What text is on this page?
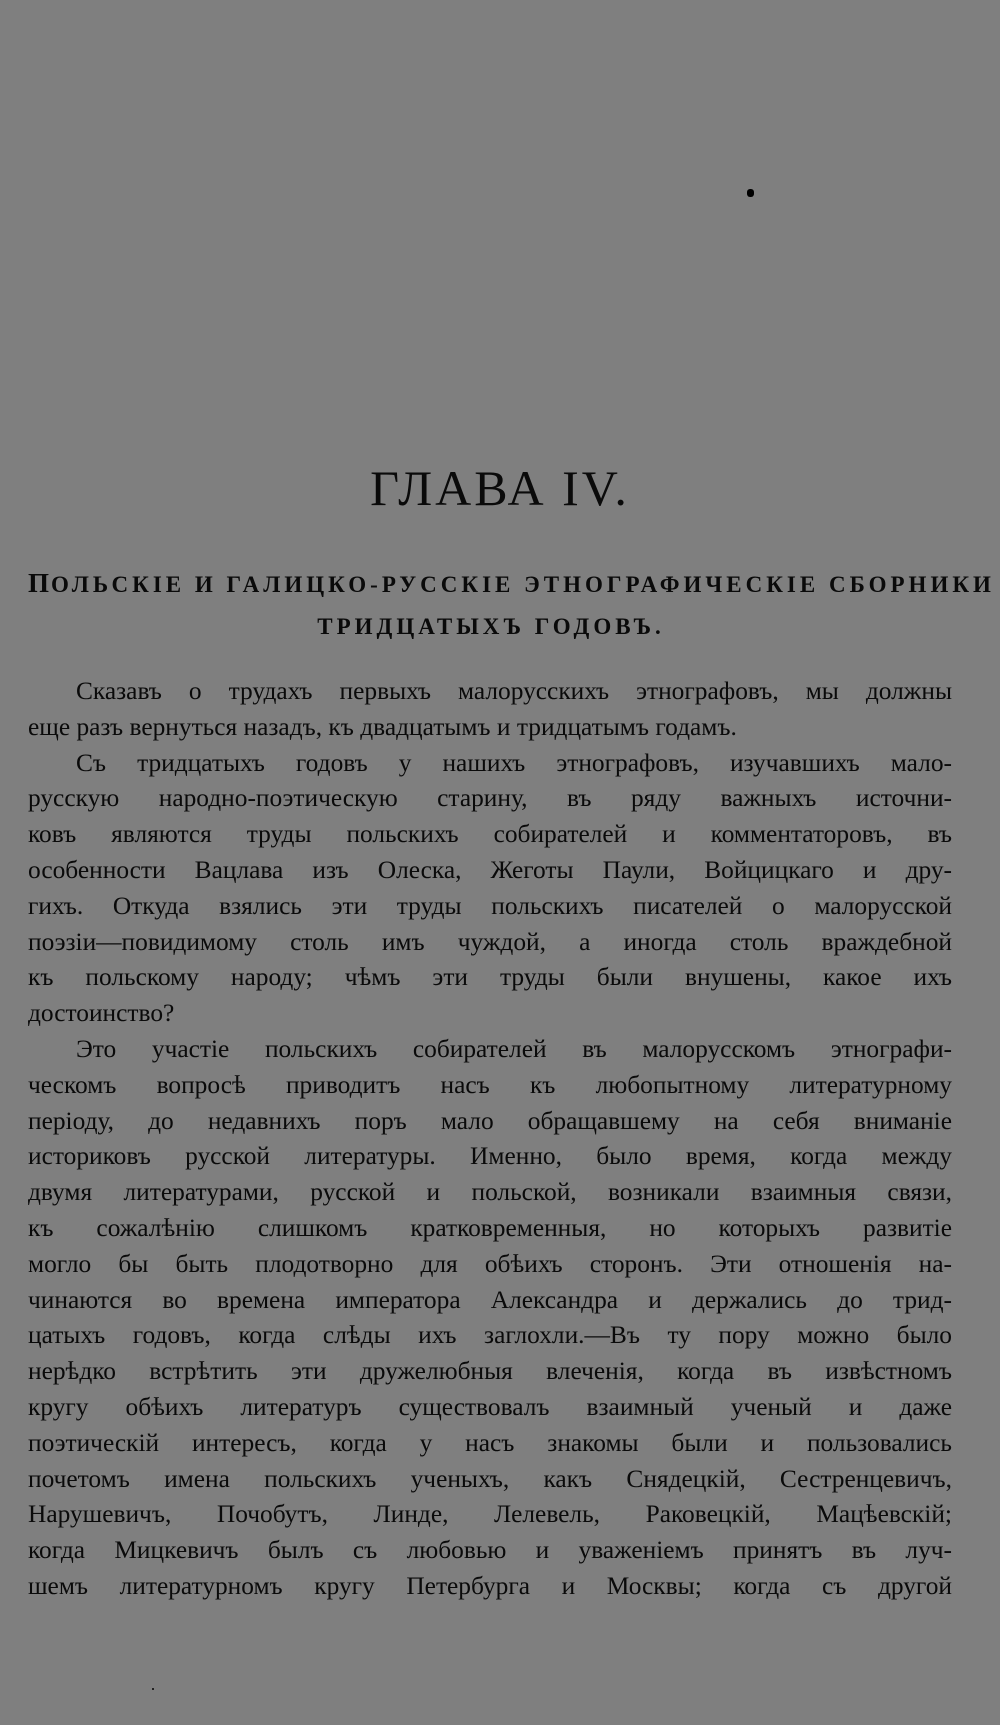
ГЛАВА IV.
ПОЛЬСКІЕ И ГАЛИЦКО-РУССКІЕ ЭТНОГРАФИЧЕСКІЕ СБОРНИКИ
ТРИДЦАТЫХЪ ГОДОВЪ.
Сказавъ о трудахъ первыхъ малорусскихъ этнографовъ, мы должны
еще разъ вернуться назадъ, къ двадцатымъ и тридцатымъ годамъ.
Съ тридцатыхъ годовъ у нашихъ этнографовъ, изучавшихъ мало-
русскую народно-поэтическую старину, въ ряду важныхъ источни-
ковъ являются труды польскихъ собирателей и комментаторовъ, въ
особенности Вацлава изъ Олеска, Жеготы Паули, Войцицкаго и дру-
гихъ. Откуда взялись эти труды польскихъ писателей о малорусской
поэзіи—повидимому столь имъ чуждой, а иногда столь враждебной
къ польскому народу; чѣмъ эти труды были внушены, какое ихъ
достоинство?
Это участіе польскихъ собирателей въ малорусскомъ этнографи-
ческомъ вопросѣ приводитъ насъ къ любопытному литературному
періоду, до недавнихъ поръ мало обращавшему на себя вниманіе
историковъ русской литературы. Именно, было время, когда между
двумя литературами, русской и польской, возникали взаимныя связи,
къ сожалѣнію слишкомъ кратковременныя, но которыхъ развитіе
могло бы быть плодотворно для обѣихъ сторонъ. Эти отношенія на-
чинаются во времена императора Александра и держались до трид-
цатыхъ годовъ, когда слѣды ихъ заглохли.—Въ ту пору можно было
нерѣдко встрѣтить эти дружелюбныя влеченія, когда въ извѣстномъ
кругу обѣихъ литературъ существовалъ взаимный ученый и даже
поэтическій интересъ, когда у насъ знакомы были и пользовались
почетомъ имена польскихъ ученыхъ, какъ Снядецкій, Сестренцевичъ,
Нарушевичъ, Почобутъ, Линде, Лелевель, Раковецкій, Мацѣевскій;
когда Мицкевичъ былъ съ любовью и уваженіемъ принятъ въ луч-
шемъ литературномъ кругу Петербурга и Москвы; когда съ другой
